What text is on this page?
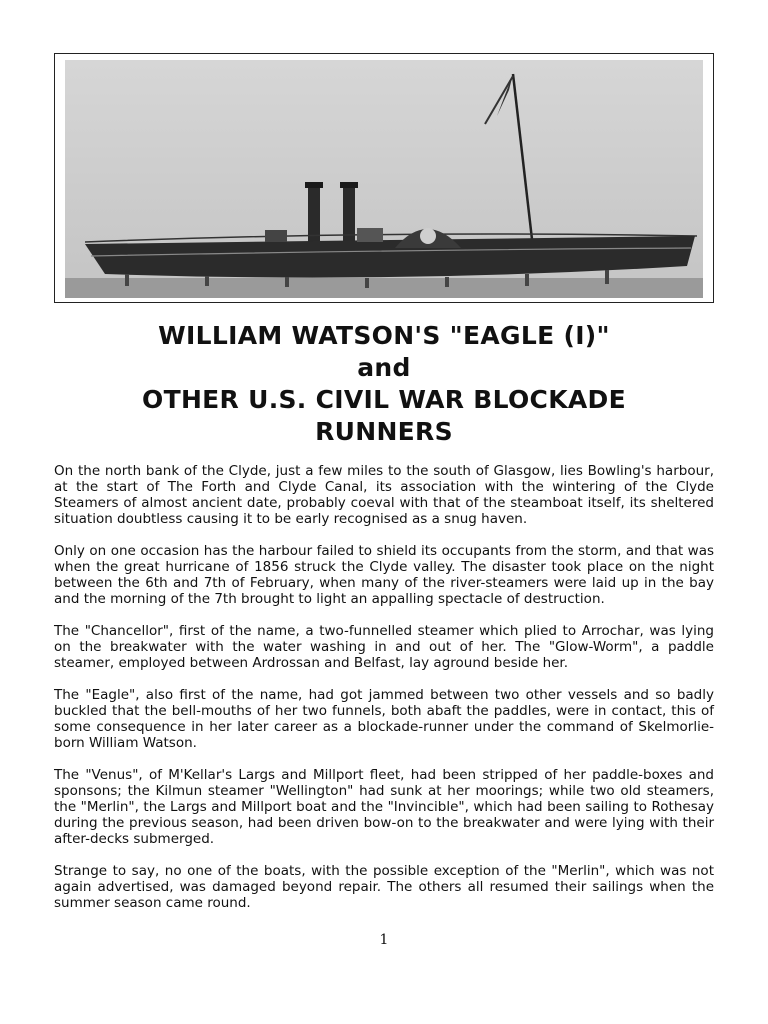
WILLIAM WATSON'S "EAGLE (I)"
and
OTHER U.S. CIVIL WAR BLOCKADE
RUNNERS

On the north bank of the Clyde, just a few miles to the south of Glasgow, lies Bowling's harbour, at the start of The Forth and Clyde Canal, its association with the wintering of the Clyde Steamers of almost ancient date, probably coeval with that of the steamboat itself, its sheltered situation doubtless causing it to be early recognised as a snug haven.

Only on one occasion has the harbour failed to shield its occupants from the storm, and that was when the great hurricane of 1856 struck the Clyde valley. The disaster took place on the night between the 6th and 7th of February, when many of the river-steamers were laid up in the bay and the morning of the 7th brought to light an appalling spectacle of destruction.

The "Chancellor", first of the name, a two-funnelled steamer which plied to Arrochar, was lying on the breakwater with the water washing in and out of her. The "Glow-Worm", a paddle steamer, employed between Ardrossan and Belfast, lay aground beside her.

The "Eagle", also first of the name, had got jammed between two other vessels and so badly buckled that the bell-mouths of her two funnels, both abaft the paddles, were in contact, this of some consequence in her later career as a blockade-runner under the command of Skelmorlie-born William Watson.

The "Venus", of M'Kellar's Largs and Millport fleet, had been stripped of her paddle-boxes and sponsons; the Kilmun steamer "Wellington" had sunk at her moorings; while two old steamers, the "Merlin", the Largs and Millport boat and the "Invincible", which had been sailing to Rothesay during the previous season, had been driven bow-on to the breakwater and were lying with their after-decks submerged.

Strange to say, no one of the boats, with the possible exception of the "Merlin", which was not again advertised, was damaged beyond repair. The others all resumed their sailings when the summer season came round.

1
